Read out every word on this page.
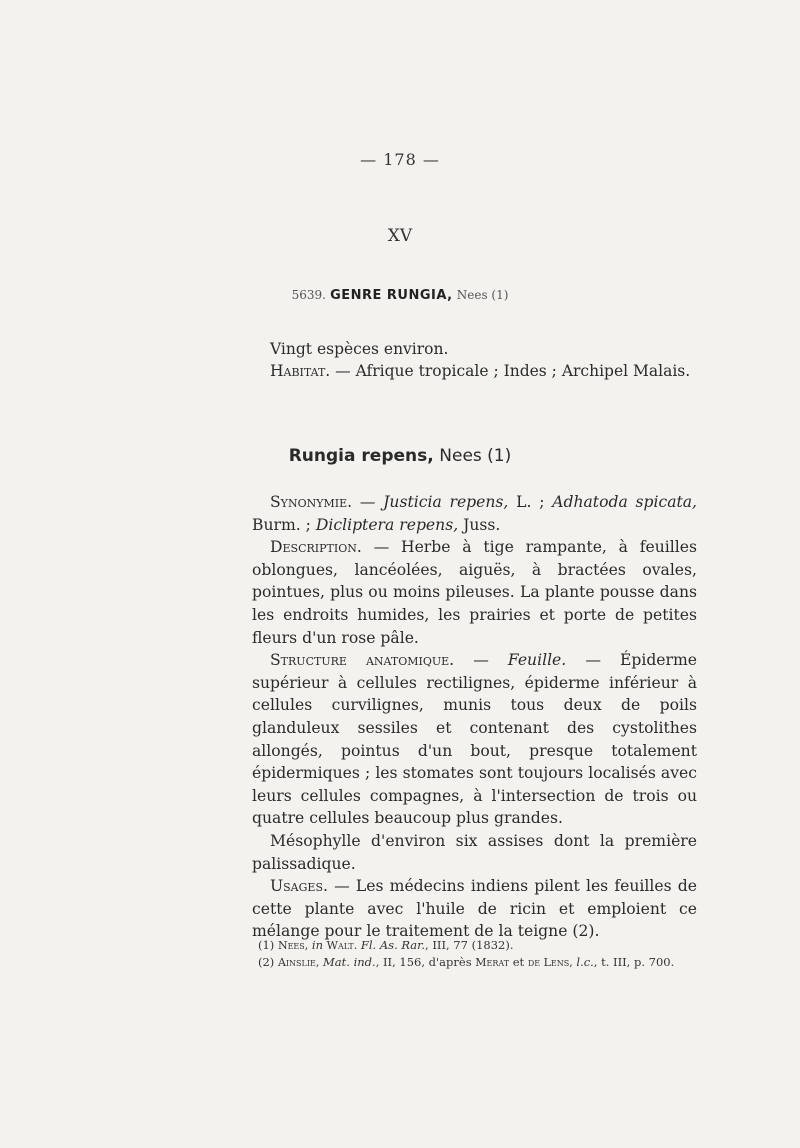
— 178 —
XV
5639. GENRE RUNGIA, Nees (1)

Vingt espèces environ.

Habitat. — Afrique tropicale ; Indes ; Archipel Malais.

Rungia repens, Nees (1)

Synonymie. — Justicia repens, L. ; Adhatoda spicata, Burm. ; Dicliptera repens, Juss.

Description. — Herbe à tige rampante, à feuilles oblongues, lancéolées, aiguës, à bractées ovales, pointues, plus ou moins pileuses. La plante pousse dans les endroits humides, les prairies et porte de petites fleurs d'un rose pâle.

Structure anatomique. — Feuille. — Épiderme supérieur à cellules rectilignes, épiderme inférieur à cellules curvilignes, munis tous deux de poils glanduleux sessiles et contenant des cystolithes allongés, pointus d'un bout, presque totalement épidermiques ; les stomates sont toujours localisés avec leurs cellules compagnes, à l'intersection de trois ou quatre cellules beaucoup plus grandes.

Mésophylle d'environ six assises dont la première palissadique.

Usages. — Les médecins indiens pilent les feuilles de cette plante avec l'huile de ricin et emploient ce mélange pour le traitement de la teigne (2).

(1) Nees, in Walt. Fl. As. Rar., III, 77 (1832).

(2) Ainslie, Mat. ind., II, 156, d'après Merat et de Lens, l.c., t. III, p. 700.
